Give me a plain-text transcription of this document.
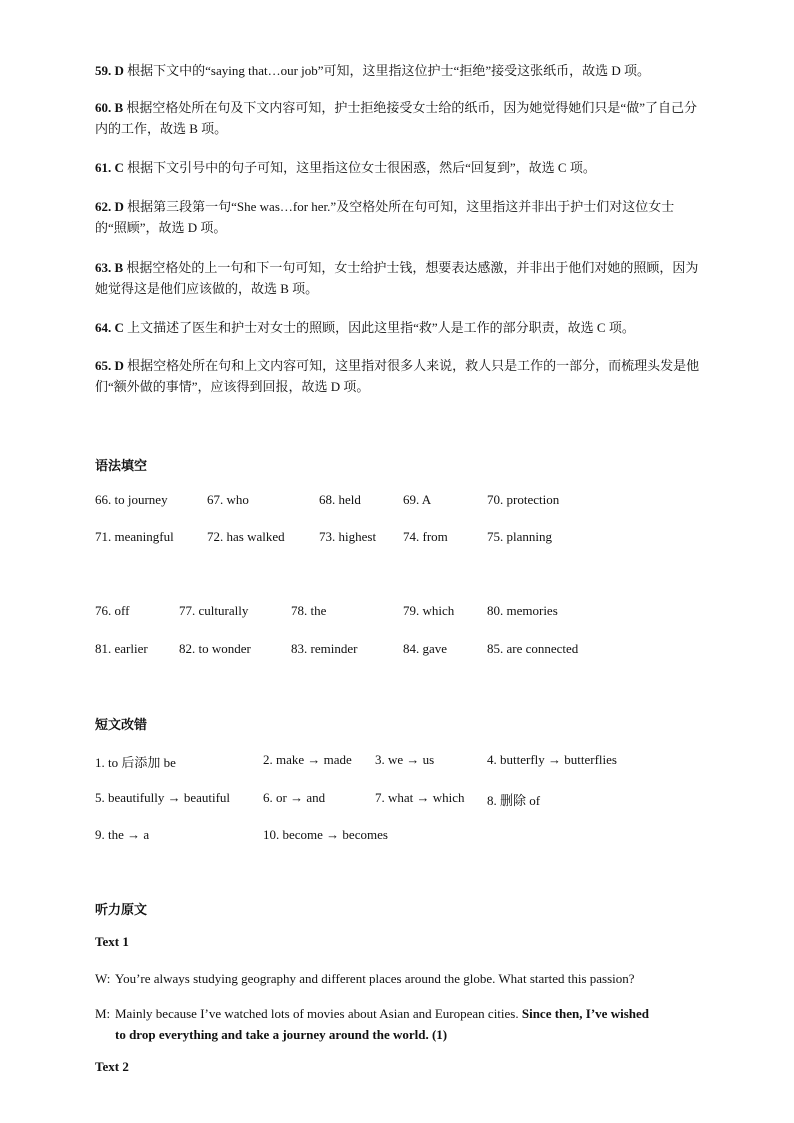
59. D 根据下文中的“saying that…our job”可知，这里指这位护士“拒绝”接受这张纸币，故选 D 项。
60. B 根据空格处所在句及下文内容可知，护士拒绝接受女士给的纸币，因为她觉得她们只是“做”了自己分内的工作，故选 B 项。
61. C 根据下文引号中的句子可知，这里指这位女士很困惑，然后“回复到”，故选 C 项。
62. D 根据第三段第一句“She was…for her.”及空格处所在句可知，这里指这并非出于护士们对这位女士的“照顾”，故选 D 项。
63. B 根据空格处的上一句和下一句可知，女士给护士钱，想要表达感激，并非出于他们对她的照顾，因为她觉得这是他们应该做的，故选 B 项。
64. C 上文描述了医生和护士对女士的照顾，因此这里指“救”人是工作的部分职责，故选 C 项。
65. D 根据空格处所在句和上文内容可知，这里指对很多人来说，救人只是工作的一部分，而梳理头发是他们“额外做的事情”，应该得到回报，故选 D 项。
语法填空
66. to journey	67. who	68. held	69. A	70. protection
71. meaningful	72. has walked	73. highest 74. from	75. planning
76. off	77. culturally	78. the	79. which	80. memories
81. earlier 82. to wonder	83. reminder	84. gave	85. are connected
短文改错
1. to 后添加 be	2. make → made 3. we → us	4. butterfly → butterflies
5. beautifully → beautiful	6. or → and	7. what → which 8. 删除 of
9. the → a	10. become → becomes
听力原文
Text 1
W: You’re always studying geography and different places around the globe. What started this passion?
M: Mainly because I’ve watched lots of movies about Asian and European cities. Since then, I’ve wished
to drop everything and take a journey around the world. (1)
Text 2
